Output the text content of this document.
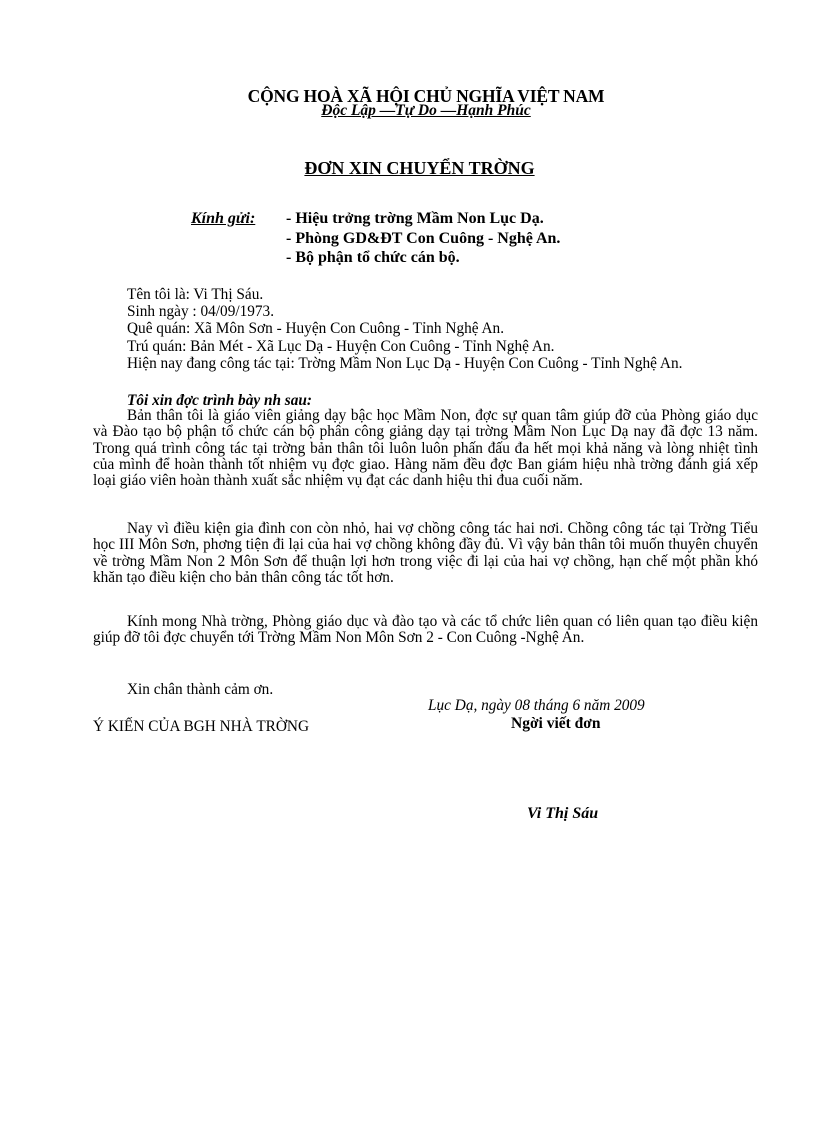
CỘNG HOÀ XÃ HỘI CHỦ NGHĨA VIỆT NAM
Độc Lập —Tự Do —Hạnh Phúc
ĐƠN XIN CHUYỂN TRỜNG
Kính gửi: - Hiệu trởng trờng Mầm Non Lục Dạ.
- Phòng GD&ĐT Con Cuông - Nghệ An.
- Bộ phận tổ chức cán bộ.
Tên tôi là: Vi Thị Sáu.
Sinh ngày : 04/09/1973.
Quê quán: Xã Môn Sơn - Huyện Con Cuông - Tỉnh Nghệ An.
Trú quán: Bản Mét - Xã Lục Dạ - Huyện Con Cuông - Tỉnh Nghệ An.
Hiện nay đang công tác tại: Trờng Mầm Non Lục Dạ - Huyện Con Cuông - Tỉnh Nghệ An.
Tôi xin đợc trình bày nh sau:
Bản thân tôi là giáo viên giảng dạy bậc học Mầm Non, đợc sự quan tâm giúp đỡ của Phòng giáo dục và Đào tạo bộ phận tổ chức cán bộ phân công giảng dạy tại trờng Mầm Non Lục Dạ nay đã đợc 13 năm. Trong quá trình công tác tại trờng bản thân tôi luôn luôn phấn đấu đa hết mọi khả năng và lòng nhiệt tình của mình để hoàn thành tốt nhiệm vụ đợc giao. Hàng năm đều đợc Ban giám hiệu nhà trờng đánh giá xếp loại giáo viên hoàn thành xuất sắc nhiệm vụ đạt các danh hiệu thi đua cuối năm.
Nay vì điều kiện gia đình con còn nhỏ, hai vợ chồng công tác hai nơi. Chồng công tác tại Trờng Tiểu học III Môn Sơn, phơng tiện đi lại của hai vợ chồng không đầy đủ. Vì vậy bản thân tôi muốn thuyên chuyển về trờng Mầm Non 2 Môn Sơn để thuận lợi hơn trong việc đi lại của hai vợ chồng, hạn chế một phần khó khăn tạo điều kiện cho bản thân công tác tốt hơn.
Kính mong Nhà trờng, Phòng giáo dục và đào tạo và các tổ chức liên quan có liên quan tạo điều kiện giúp đỡ tôi đợc chuyển tới Trờng Mầm Non Môn Sơn 2 - Con Cuông -Nghệ An.
Xin chân thành cảm ơn.
Lục Dạ, ngày 08 tháng 6 năm 2009
Ý KIẾN CỦA BGH NHÀ TRỜNG	Ngời viết đơn
Vi Thị Sáu
